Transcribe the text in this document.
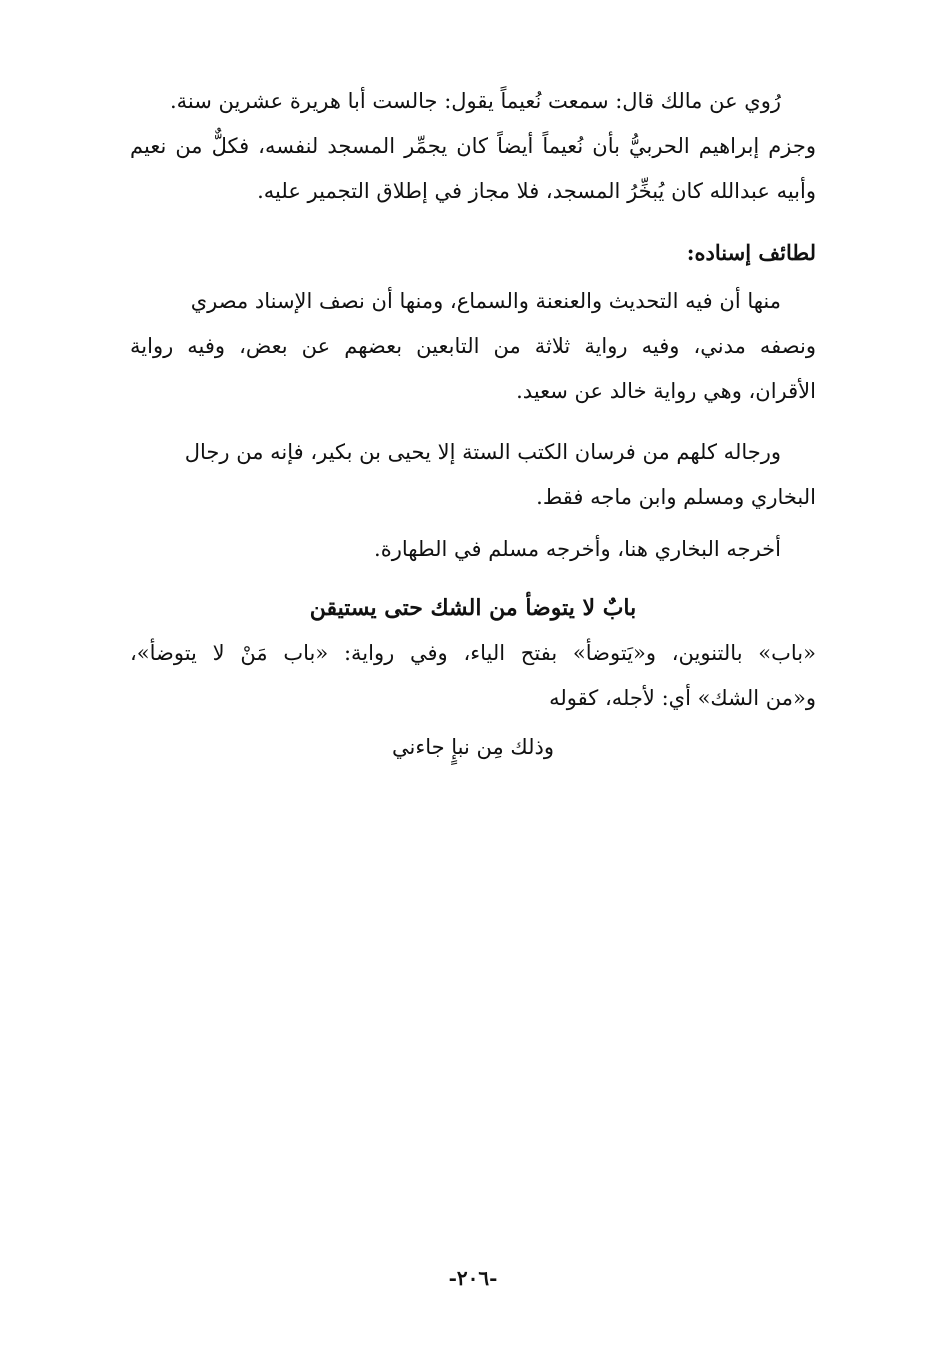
رُوي عن مالك قال: سمعت نُعيماً يقول: جالست أبا هريرة عشرين سنة.
وجزم إبراهيم الحربيُّ بأن نُعيماً أيضاً كان يجمِّر المسجد لنفسه، فكلٌّ من نعيم
وأبيه عبدالله كان يُبخِّرُ المسجد، فلا مجاز في إطلاق التجمير عليه.
لطائف إسناده:
منها أن فيه التحديث والعنعنة والسماع، ومنها أن نصف الإسناد مصري
ونصفه مدني، وفيه رواية ثلاثة من التابعين بعضهم عن بعض، وفيه رواية
الأقران، وهي رواية خالد عن سعيد.
ورجاله كلهم من فرسان الكتب الستة إلا يحيى بن بكير، فإنه من رجال
البخاري ومسلم وابن ماجه فقط.
أخرجه البخاري هنا، وأخرجه مسلم في الطهارة.
بابٌ لا يتوضأ من الشك حتى يستيقن
«باب» بالتنوين، و«يَتوضأ» بفتح الياء، وفي رواية: «باب مَنْ لا يتوضأ»،
و«من الشك» أي: لأجله، كقوله
وذلك مِن نبإٍ جاءني
-٢٠٦-
